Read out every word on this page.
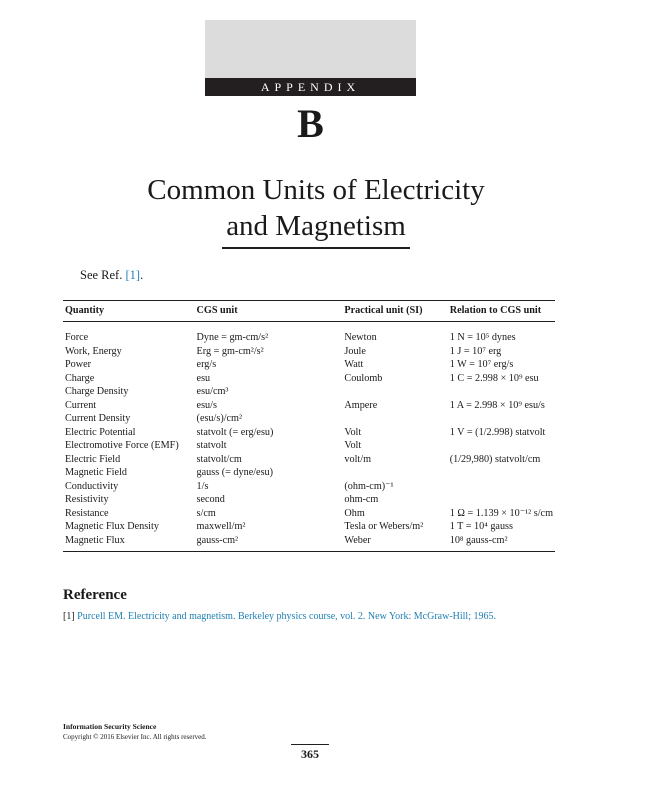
APPENDIX
B
Common Units of Electricity
and Magnetism
See Ref. [1].
Quantity	CGS unit	Practical unit (SI)	Relation to CGS unit
Force	Dyne = gm-cm/s²	Newton	1 N = 10⁵ dynes
Work, Energy	Erg = gm-cm²/s²	Joule	1 J = 10⁷ erg
Power	erg/s	Watt	1 W = 10⁷ erg/s
Charge	esu	Coulomb	1 C = 2.998 × 10⁹ esu
Charge Density	esu/cm³		
Current	esu/s	Ampere	1 A = 2.998 × 10⁹ esu/s
Current Density	(esu/s)/cm²		
Electric Potential	statvolt (= erg/esu)	Volt	1 V = (1/2.998) statvolt
Electromotive Force (EMF)	statvolt	Volt	
Electric Field	statvolt/cm	volt/m	(1/29,980) statvolt/cm
Magnetic Field	gauss (= dyne/esu)		
Conductivity	1/s	(ohm-cm)⁻¹	
Resistivity	second	ohm-cm	
Resistance	s/cm	Ohm	1 Ω = 1.139 × 10⁻¹² s/cm
Magnetic Flux Density	maxwell/m²	Tesla or Webers/m²	1 T = 10⁴ gauss
Magnetic Flux	gauss-cm²	Weber	10⁸ gauss-cm²
Reference
[1] Purcell EM. Electricity and magnetism. Berkeley physics course, vol. 2. New York: McGraw-Hill; 1965.
Information Security Science
Copyright © 2016 Elsevier Inc. All rights reserved.
365
